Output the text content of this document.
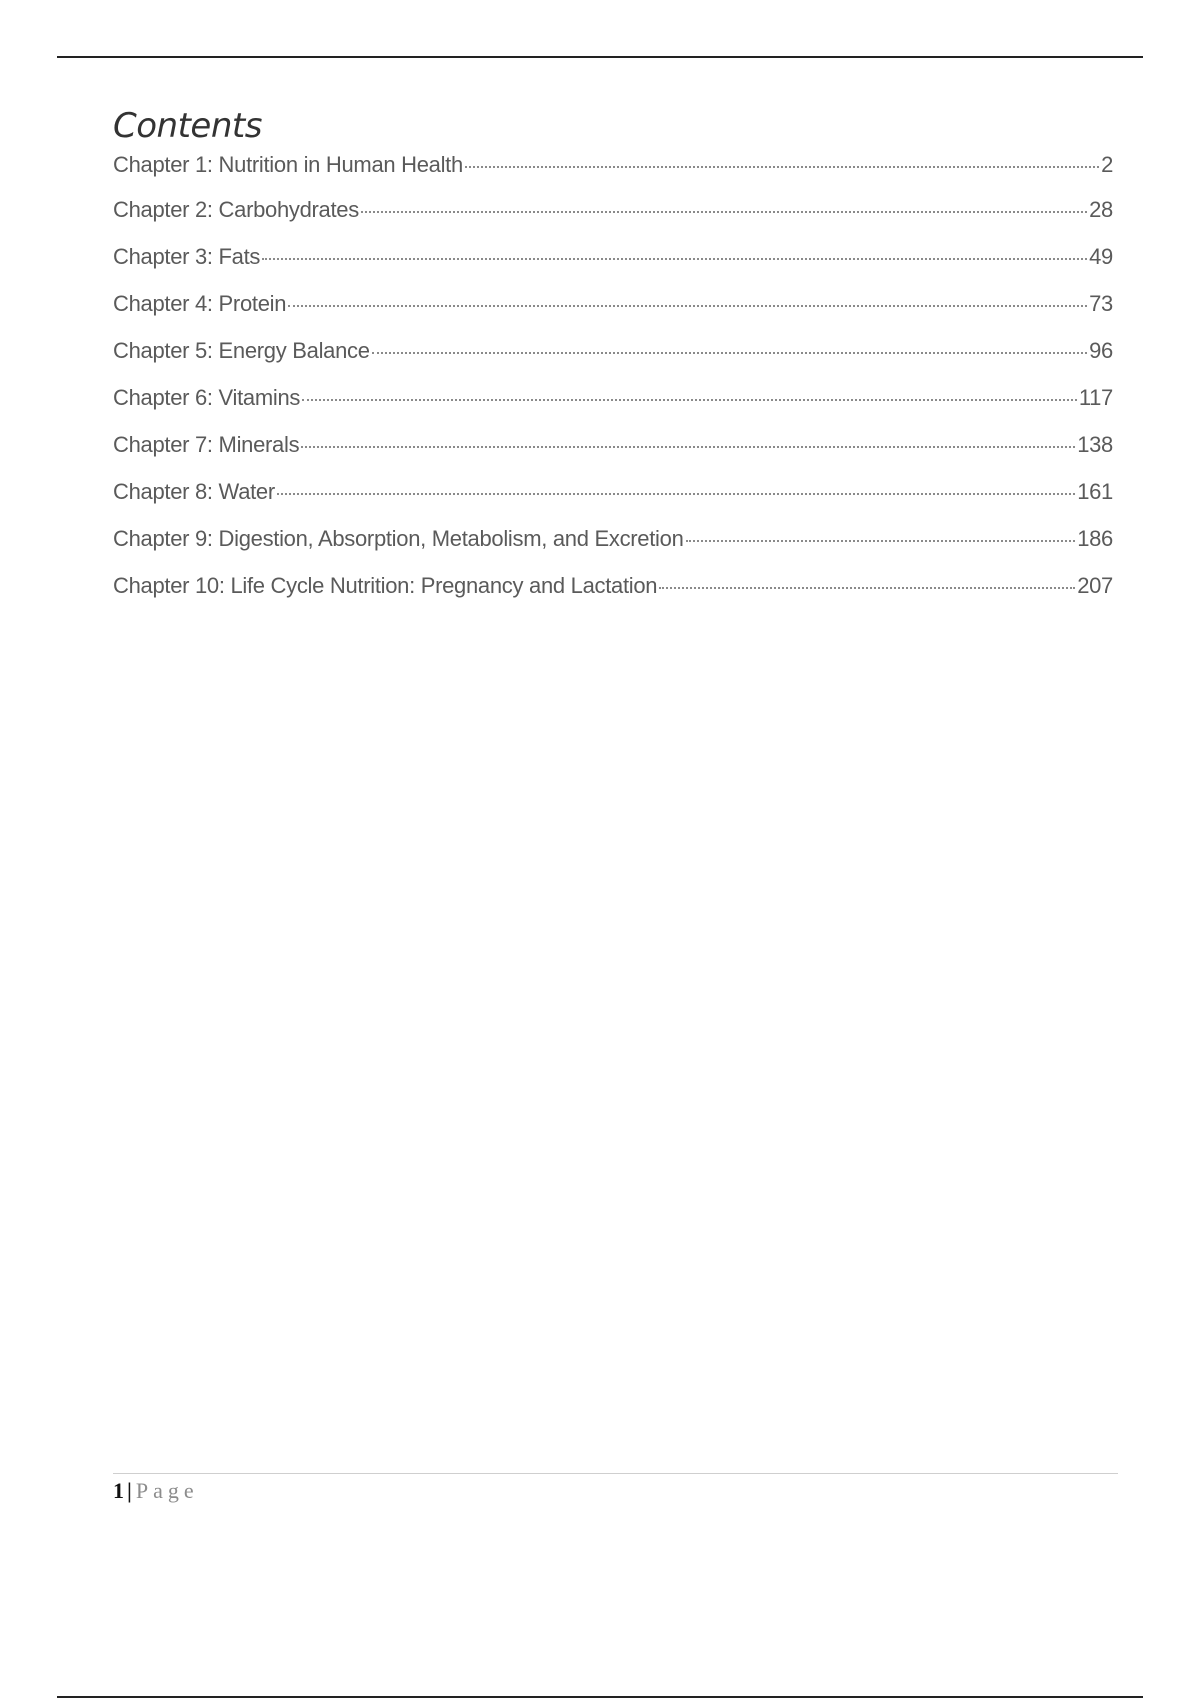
Contents
Chapter 1: Nutrition in Human Health	2
Chapter 2: Carbohydrates	28
Chapter 3: Fats	49
Chapter 4: Protein	73
Chapter 5: Energy Balance	96
Chapter 6: Vitamins	117
Chapter 7: Minerals	138
Chapter 8: Water	161
Chapter 9: Digestion, Absorption, Metabolism, and Excretion	186
Chapter 10: Life Cycle Nutrition: Pregnancy and Lactation	207
1 | Page
